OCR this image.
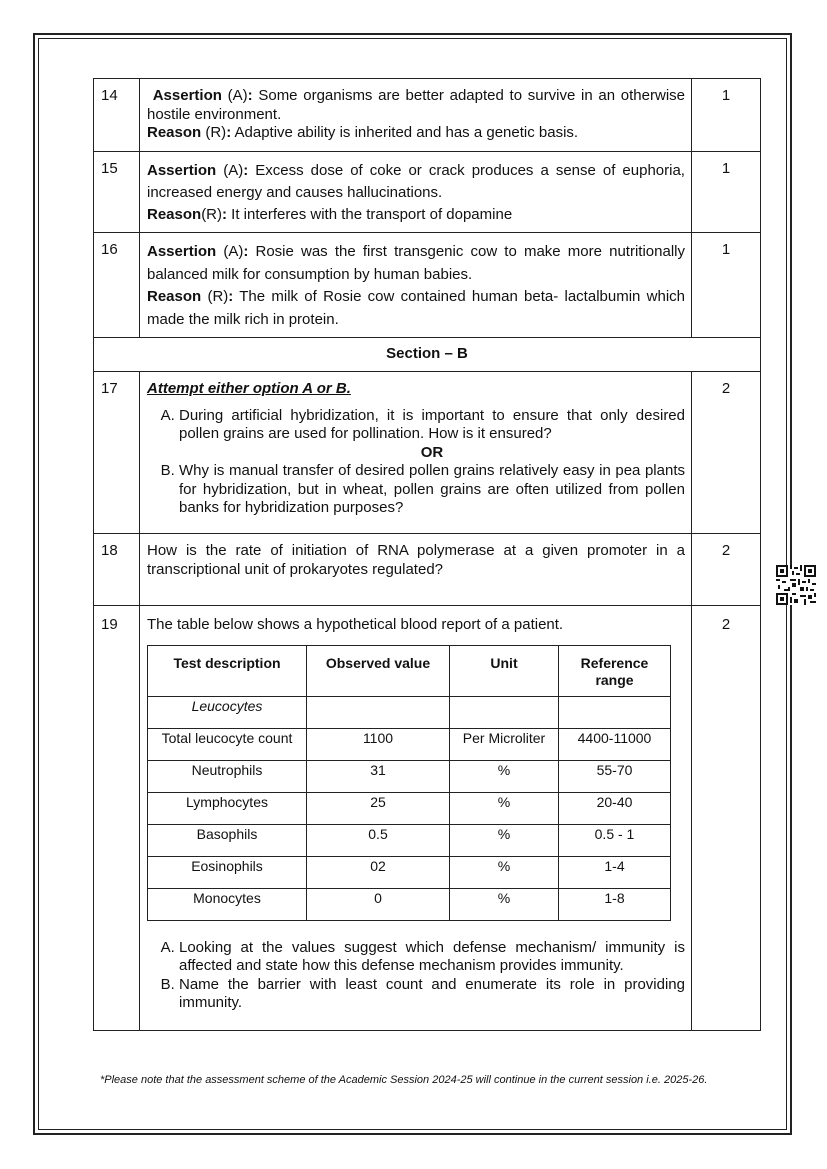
14	Assertion (A): Some organisms are better adapted to survive in an otherwise hostile environment.

Reason (R): Adaptive ability is inherited and has a genetic basis.

	1
15	Assertion (A): Excess dose of coke or crack produces a sense of euphoria, increased energy and causes hallucinations.

Reason(R): It interferes with the transport of dopamine

	1
16	Assertion (A): Rosie was the first transgenic cow to make more nutritionally balanced milk for consumption by human babies.

Reason (R): The milk of Rosie cow contained human beta- lactalbumin which made the milk rich in protein.

	1
Section – B
17	Attempt either option A or B.

A. During artificial hybridization, it is important to ensure that only desired pollen grains are used for pollination. How is it ensured?

OR

B. Why is manual transfer of desired pollen grains relatively easy in pea plants for hybridization, but in wheat, pollen grains are often utilized from pollen banks for hybridization purposes?
	2
18	How is the rate of initiation of RNA polymerase at a given promoter in a transcriptional unit of prokaryotes regulated?	2
19	The table below shows a hypothetical blood report of a patient.

Test description	Observed value	Unit	Reference range
Leucocytes			
Total leucocyte count	1100	Per Microliter	4400-11000
Neutrophils	31	%	55-70
Lymphocytes	25	%	20-40
Basophils	0.5	%	0.5 - 1
Eosinophils	02	%	1-4
Monocytes	0	%	1-8
A. Looking at the values suggest which defense mechanism/ immunity is affected and state how this defense mechanism provides immunity.
B. Name the barrier with least count and enumerate its role in providing immunity.
	2
*Please note that the assessment scheme of the Academic Session 2024-25 will continue in the current session i.e. 2025-26.
